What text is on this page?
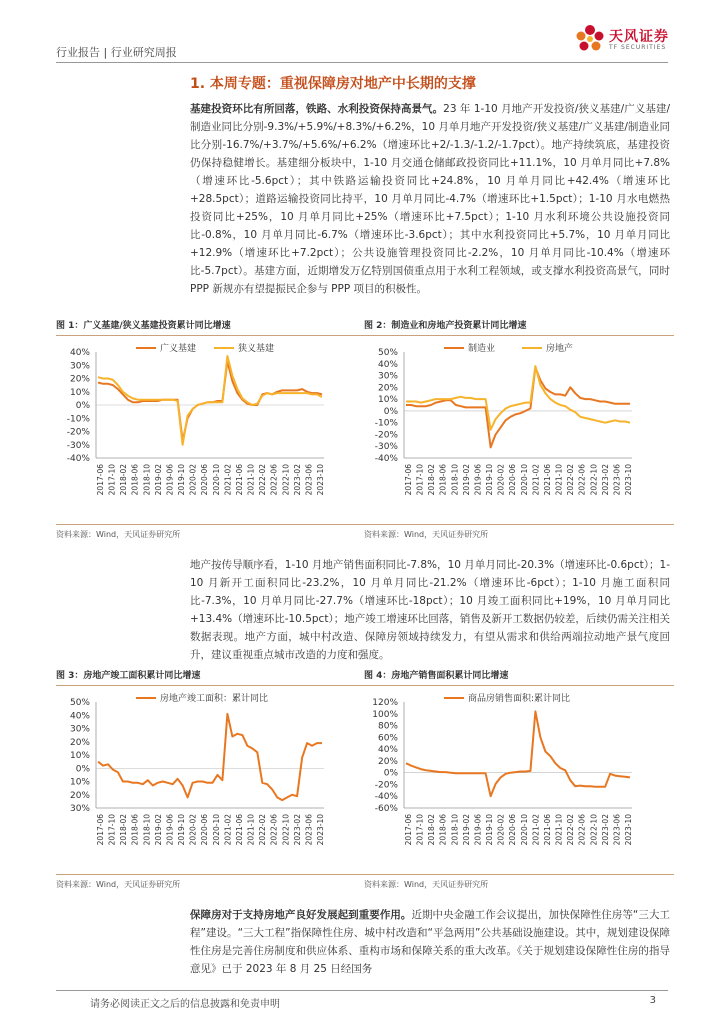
行业报告 | 行业研究周报
天风证券
TF SECURITIES
1. 本周专题：重视保障房对地产中长期的支撑
基建投资环比有所回落，铁路、水利投资保持高景气。23 年 1-10 月地产开发投资/狭义基建/广义基建/制造业同比分别-9.3%/+5.9%/+8.3%/+6.2%，10 月单月地产开发投资/狭义基建/广义基建/制造业同比分别-16.7%/+3.7%/+5.6%/+6.2%（增速环比+2/-1.3/-1.2/-1.7pct）。地产持续筑底，基建投资仍保持稳健增长。基建细分板块中，1-10 月交通仓储邮政投资同比+11.1%，10 月单月同比+7.8%（增速环比-5.6pct）；其中铁路运输投资同比+24.8%，10 月单月同比+42.4%（增速环比+28.5pct）；道路运输投资同比持平，10 月单月同比-4.7%（增速环比+1.5pct）；1-10 月水电燃热投资同比+25%，10 月单月同比+25%（增速环比+7.5pct）；1-10 月水利环境公共设施投资同比-0.8%，10 月单月同比-6.7%（增速环比-3.6pct）；其中水利投资同比+5.7%，10 月单月同比+12.9%（增速环比+7.2pct）；公共设施管理投资同比-2.2%，10 月单月同比-10.4%（增速环比-5.7pct）。基建方面，近期增发万亿特别国债重点用于水利工程领域，或支撑水利投资高景气，同时 PPP 新规亦有望提振民企参与 PPP 项目的积极性。
图 1：广义基建/狭义基建投资累计同比增速
40%
30%
20%
10%
0%
-10%
-20%
-30%
-40%
2017-06 2017-10 2018-02 2018-06 2018-10 2019-02 2019-06 2019-10 2020-02 2020-06 2020-10 2021-02 2021-06 2021-10 2022-02 2022-06 2022-10 2023-02 2023-06 2023-10
广义基建	狭义基建
资料来源：Wind，天风证券研究所
图 2：制造业和房地产投资累计同比增速
50%
40%
30%
20%
10%
0%
-10%
-20%
-30%
-40%
2017-06 2017-10 2018-02 2018-06 2018-10 2019-02 2019-06 2019-10 2020-02 2020-06 2020-10 2021-02 2021-06 2021-10 2022-02 2022-06 2022-10 2023-02 2023-06 2023-10
制造业	房地产
资料来源：Wind，天风证券研究所
地产按传导顺序看，1-10 月地产销售面积同比-7.8%，10 月单月同比-20.3%（增速环比-0.6pct）；1-10 月新开工面积同比-23.2%，10 月单月同比-21.2%（增速环比-6pct）；1-10 月施工面积同比-7.3%，10 月单月同比-27.7%（增速环比-18pct）；10 月竣工面积同比+19%，10 月单月同比+13.4%（增速环比-10.5pct）；地产竣工增速环比回落，销售及新开工数据仍较差，后续仍需关注相关数据表现。地产方面，城中村改造、保障房领域持续发力，有望从需求和供给两端拉动地产景气度回升，建议重视重点城市改造的力度和强度。
图 3：房地产竣工面积累计同比增速
50%
40%
30%
20%
10%
0%
10%
20%
30%
2017-06 2017-10 2018-02 2018-06 2018-10 2019-02 2019-06 2019-10 2020-02 2020-06 2020-10 2021-02 2021-06 2021-10 2022-02 2022-06 2022-10 2023-02 2023-06 2023-10
房地产竣工面积：累计同比
资料来源：Wind，天风证券研究所
图 4：房地产销售面积累计同比增速
120%
100%
80%
60%
40%
20%
0%
-20%
-40%
-60%
2017-06 2017-10 2018-02 2018-06 2018-10 2019-02 2019-06 2019-10 2020-02 2020-06 2020-10 2021-02 2021-06 2021-10 2022-02 2022-06 2022-10 2023-02 2023-06 2023-10
商品房销售面积:累计同比
资料来源：Wind，天风证券研究所
保障房对于支持房地产良好发展起到重要作用。近期中央金融工作会议提出，加快保障性住房等“三大工程”建设。“三大工程”指保障性住房、城中村改造和“平急两用”公共基础设施建设。其中，规划建设保障性住房是完善住房制度和供应体系、重构市场和保障关系的重大改革。《关于规划建设保障性住房的指导意见》已于 2023 年 8 月 25 日经国务
请务必阅读正文之后的信息披露和免责申明	3
